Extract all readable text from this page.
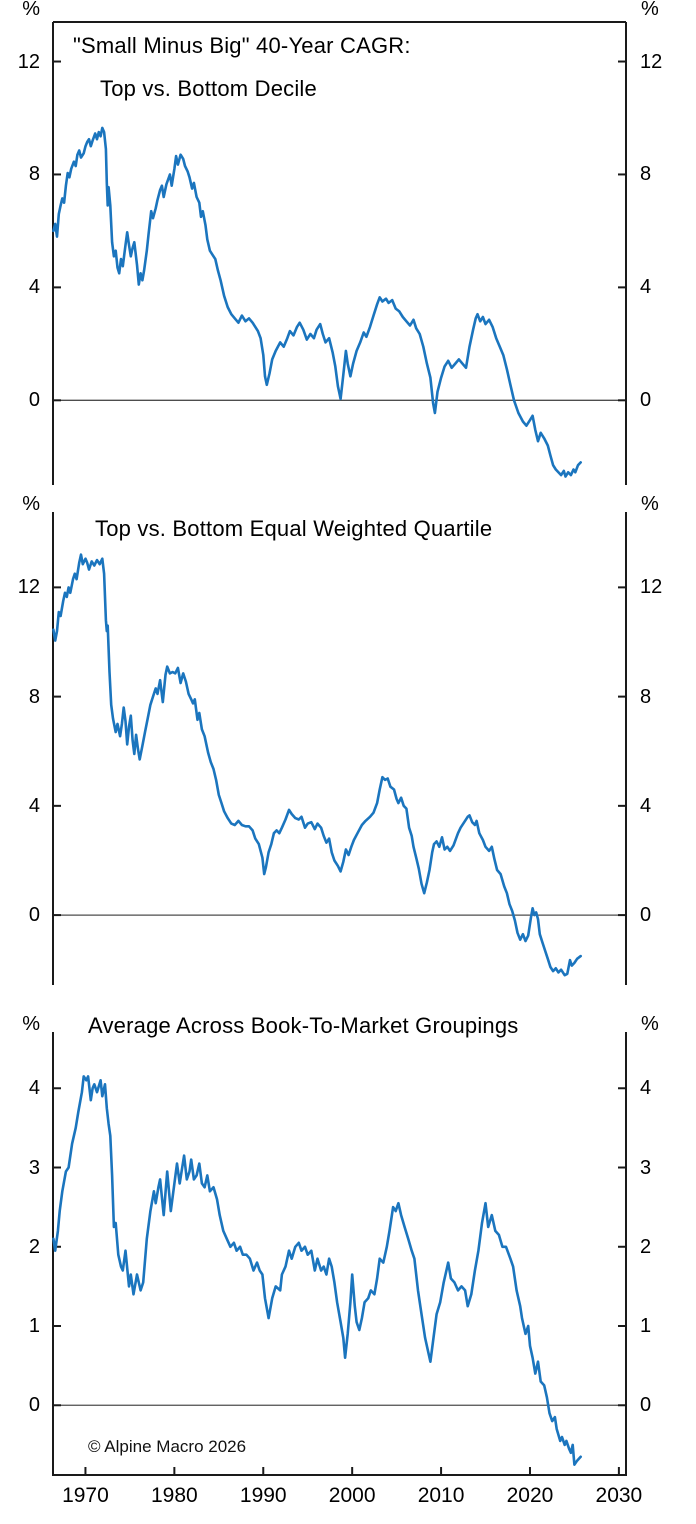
"Small Minus Big" 40-Year CAGR:
Top vs. Bottom Decile
Top vs. Bottom Equal Weighted Quartile
Average Across Book-To-Market Groupings
© Alpine Macro 2026
0	0
4	4
8	8
12	12
%	%
0	0
4	4
8	8
12	12
%	%
0	0
1	1
2	2
3	3
4	4
%	%
1970	1980	1990	2000	2010	2020	2030
